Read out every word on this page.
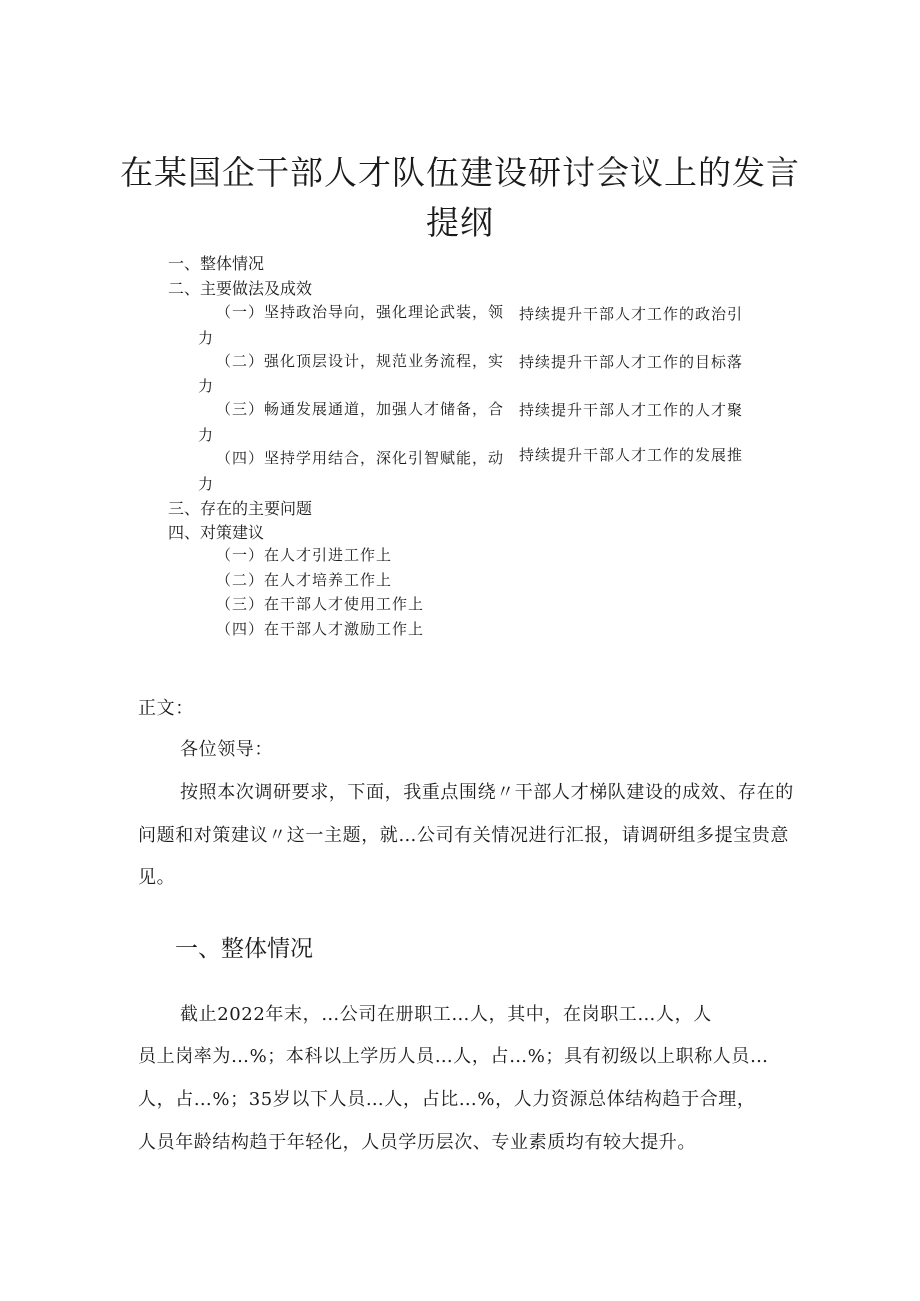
在某国企干部人才队伍建设研讨会议上的发言
提纲
一、整体情况
二、主要做法及成效
（一）坚持政治导向，强化理论武装，领 持续提升干部人才工作的政治引
力
（二）强化顶层设计，规范业务流程，实 持续提升干部人才工作的目标落
力
（三）畅通发展通道，加强人才储备，合 持续提升干部人才工作的人才聚
力
（四）坚持学用结合，深化引智赋能，动 持续提升干部人才工作的发展推
力
三、存在的主要问题
四、对策建议
（一）在人才引进工作上
（二）在人才培养工作上
（三）在干部人才使用工作上
（四）在干部人才激励工作上
正文：
各位领导：
按照本次调研要求，下面，我重点围绕〃干部人才梯队建设的成效、存在的
问题和对策建议〃这一主题，就…公司有关情况进行汇报，请调研组多提宝贵意
见。
一、整体情况
截止2022年末，…公司在册职工…人，其中，在岗职工…人，人
员上岗率为…%；本科以上学历人员…人，占…%；具有初级以上职称人员…
人，占…%；35岁以下人员…人，占比…%，人力资源总体结构趋于合理，
人员年龄结构趋于年轻化，人员学历层次、专业素质均有较大提升。
